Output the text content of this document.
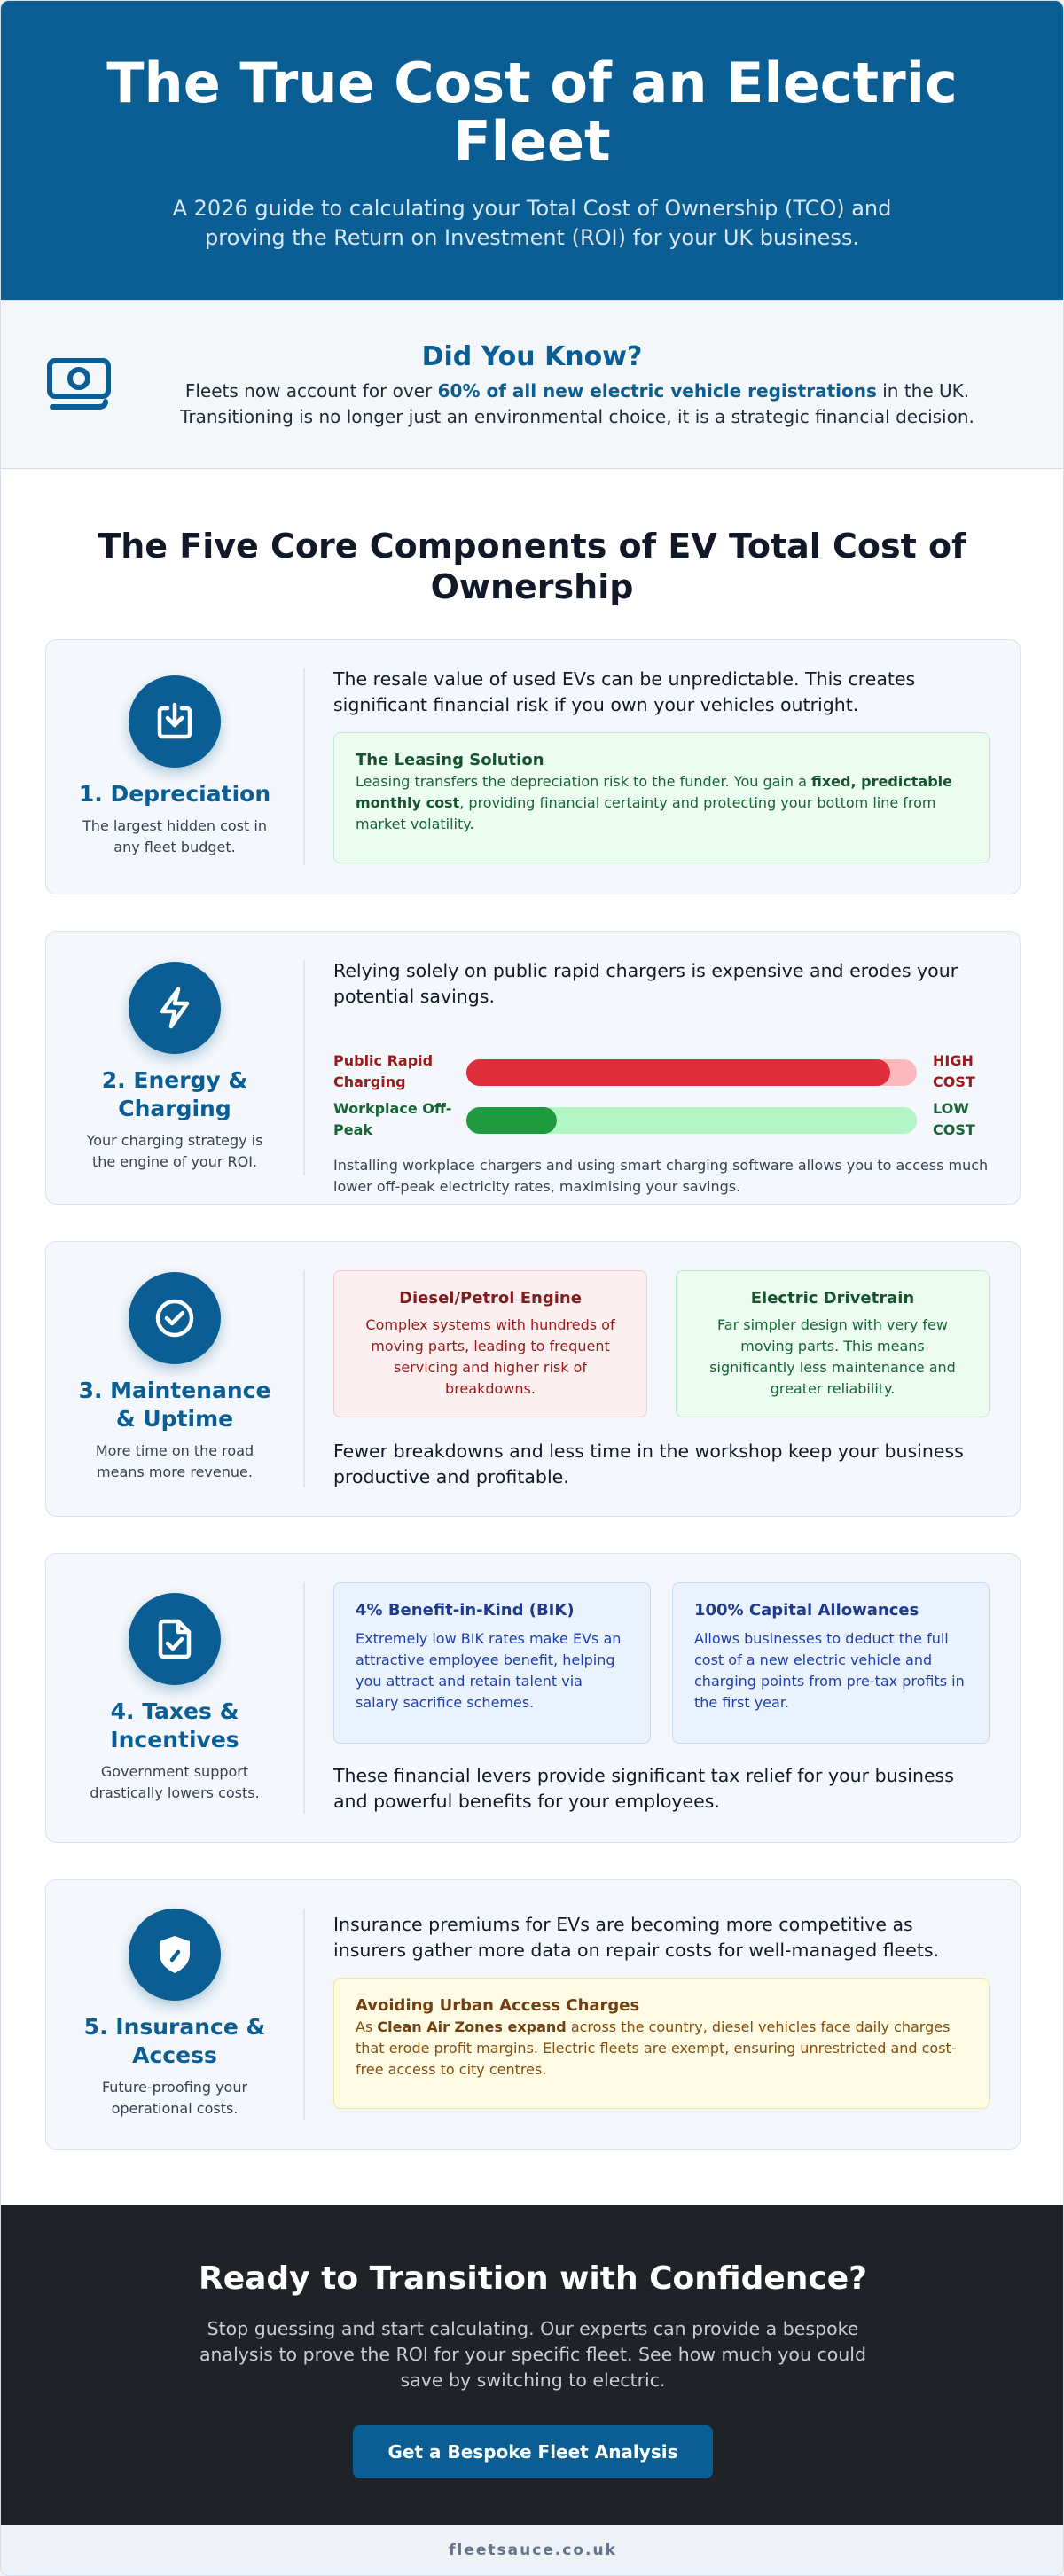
The True Cost of an Electric Fleet

A 2026 guide to calculating your Total Cost of Ownership (TCO) and proving the Return on Investment (ROI) for your UK business.

Did You Know?

Fleets now account for over 60% of all new electric vehicle registrations in the UK. Transitioning is no longer just an environmental choice, it is a strategic financial decision.

The Five Core Components of EV Total Cost of Ownership
1. Depreciation

The largest hidden cost in any fleet budget.

The resale value of used EVs can be unpredictable. This creates significant financial risk if you own your vehicles outright.

The Leasing Solution

Leasing transfers the depreciation risk to the funder. You gain a fixed, predictable monthly cost, providing financial certainty and protecting your bottom line from market volatility.

2. Energy & Charging

Your charging strategy is the engine of your ROI.

Relying solely on public rapid chargers is expensive and erodes your potential savings.

Public Rapid Charging
HIGH COST
Workplace Off-Peak
LOW COST

Installing workplace chargers and using smart charging software allows you to access much lower off-peak electricity rates, maximising your savings.

3. Maintenance & Uptime

More time on the road means more revenue.

Diesel/Petrol Engine

Complex systems with hundreds of moving parts, leading to frequent servicing and higher risk of breakdowns.

Electric Drivetrain

Far simpler design with very few moving parts. This means significantly less maintenance and greater reliability.

Fewer breakdowns and less time in the workshop keep your business productive and profitable.

4. Taxes & Incentives

Government support drastically lowers costs.

4% Benefit-in-Kind (BIK)

Extremely low BIK rates make EVs an attractive employee benefit, helping you attract and retain talent via salary sacrifice schemes.

100% Capital Allowances

Allows businesses to deduct the full cost of a new electric vehicle and charging points from pre-tax profits in the first year.

These financial levers provide significant tax relief for your business and powerful benefits for your employees.

5. Insurance & Access

Future-proofing your operational costs.

Insurance premiums for EVs are becoming more competitive as insurers gather more data on repair costs for well-managed fleets.

Avoiding Urban Access Charges

As Clean Air Zones expand across the country, diesel vehicles face daily charges that erode profit margins. Electric fleets are exempt, ensuring unrestricted and cost-free access to city centres.

Ready to Transition with Confidence?

Stop guessing and start calculating. Our experts can provide a bespoke analysis to prove the ROI for your specific fleet. See how much you could save by switching to electric.

Get a Bespoke Fleet Analysis
fleetsauce.co.uk
